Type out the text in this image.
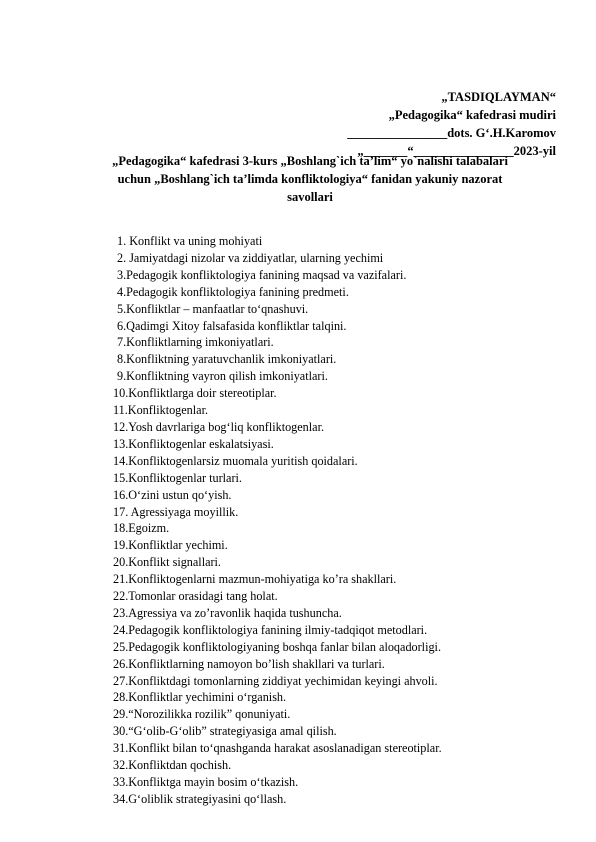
„TASDIQLAYMAN“
„Pedagogika“ kafedrasi mudiri
________________dots. G‘.H.Karomov
„_______“________________2023-yil
„Pedagogika“ kafedrasi 3-kurs „Boshlang`ich ta’lim“ yo`nalishi talabalari
uchun „Boshlang`ich ta’limda konfliktologiya“ fanidan yakuniy nazorat
savollari
1. Konflikt va uning mohiyati
2. Jamiyatdagi nizolar va ziddiyatlar, ularning yechimi
3.Pedagogik konfliktologiya fanining maqsad va vazifalari.
4.Pedagogik konfliktologiya fanining predmeti.
5.Konfliktlar – manfaatlar to‘qnashuvi.
6.Qadimgi Xitoy falsafasida konfliktlar talqini.
7.Konfliktlarning imkoniyatlari.
8.Konfliktning yaratuvchanlik imkoniyatlari.
9.Konfliktning vayron qilish imkoniyatlari.
10.Konfliktlarga doir stereotiplar.
11.Konfliktogenlar.
12.Yosh davrlariga bog‘liq konfliktogenlar.
13.Konfliktogenlar eskalatsiyasi.
14.Konfliktogenlarsiz muomala yuritish qoidalari.
15.Konfliktogenlar turlari.
16.O‘zini ustun qo‘yish.
17. Agressiyaga moyillik.
18.Egoizm.
19.Konfliktlar yechimi.
20.Konflikt signallari.
21.Konfliktogenlarni mazmun-mohiyatiga ko’ra shakllari.
22.Tomonlar orasidagi tang holat.
23.Agressiya va zo’ravonlik haqida tushuncha.
24.Pedagogik konfliktologiya fanining ilmiy-tadqiqot metodlari.
25.Pedagogik konfliktologiyaning boshqa fanlar bilan aloqadorligi.
26.Konfliktlarning namoyon bo’lish shakllari va turlari.
27.Konfliktdagi tomonlarning ziddiyat yechimidan keyingi ahvoli.
28.Konfliktlar yechimini o‘rganish.
29.“Norozilikka rozilik” qonuniyati.
30.“G‘olib-G‘olib” strategiyasiga amal qilish.
31.Konflikt bilan to‘qnashganda harakat asoslanadigan stereotiplar.
32.Konfliktdan qochish.
33.Konfliktga mayin bosim o‘tkazish.
34.G‘oliblik strategiyasini qo‘llash.
